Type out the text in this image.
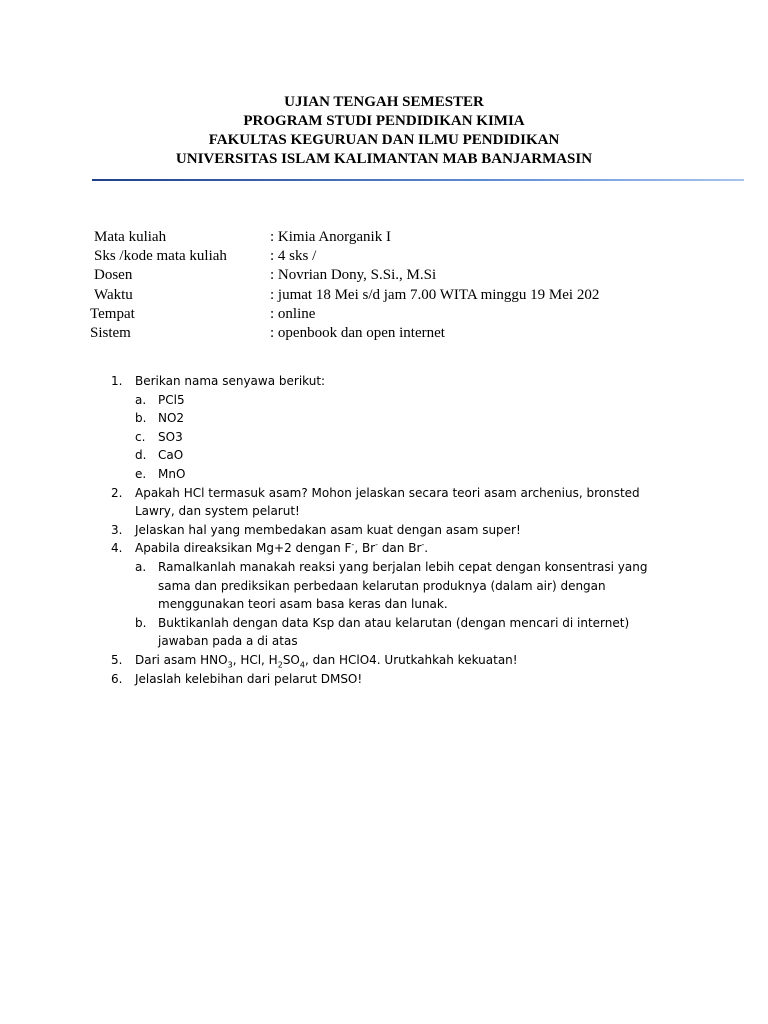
UJIAN TENGAH SEMESTER
PROGRAM STUDI PENDIDIKAN KIMIA
FAKULTAS KEGURUAN DAN ILMU PENDIDIKAN
UNIVERSITAS ISLAM KALIMANTAN MAB BANJARMASIN
Mata kuliah	: Kimia Anorganik I
Sks /kode mata kuliah	: 4 sks /
Dosen	: Novrian Dony, S.Si., M.Si
Waktu	: jumat 18 Mei s/d jam 7.00 WITA minggu 19 Mei 202
Tempat	: online
Sistem	: openbook dan open internet
1. Berikan nama senyawa berikut:
a. PCl5
b. NO2
c. SO3
d. CaO
e. MnO
2. Apakah HCl termasuk asam? Mohon jelaskan secara teori asam archenius, bronsted Lawry, dan system pelarut!
3. Jelaskan hal yang membedakan asam kuat dengan asam super!
4. Apabila direaksikan Mg+2 dengan F-, Br- dan Br-.
a. Ramalkanlah manakah reaksi yang berjalan lebih cepat dengan konsentrasi yang sama dan prediksikan perbedaan kelarutan produknya (dalam air) dengan menggunakan teori asam basa keras dan lunak.
b. Buktikanlah dengan data Ksp dan atau kelarutan (dengan mencari di internet) jawaban pada a di atas
5. Dari asam $HNO_3$, HCl, $H_2SO_4$, dan HClO4. Urutkahkah kekuatan!
6. Jelaslah kelebihan dari pelarut DMSO!
